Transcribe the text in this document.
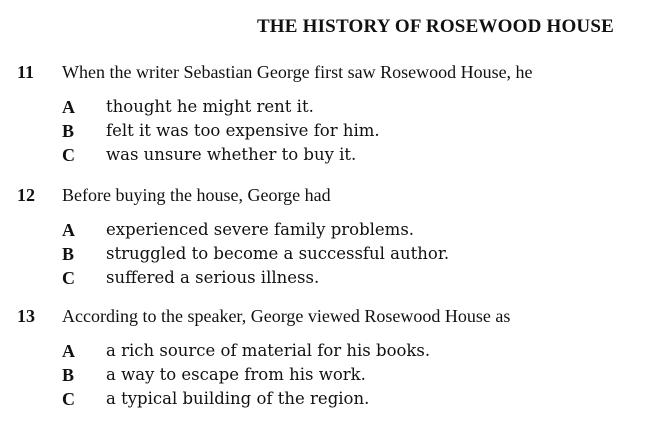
THE HISTORY OF ROSEWOOD HOUSE
11 When the writer Sebastian George first saw Rosewood House, he
A thought he might rent it.
B felt it was too expensive for him.
C was unsure whether to buy it.
12 Before buying the house, George had
A experienced severe family problems.
B struggled to become a successful author.
C suffered a serious illness.
13 According to the speaker, George viewed Rosewood House as
A a rich source of material for his books.
B a way to escape from his work.
C a typical building of the region.
